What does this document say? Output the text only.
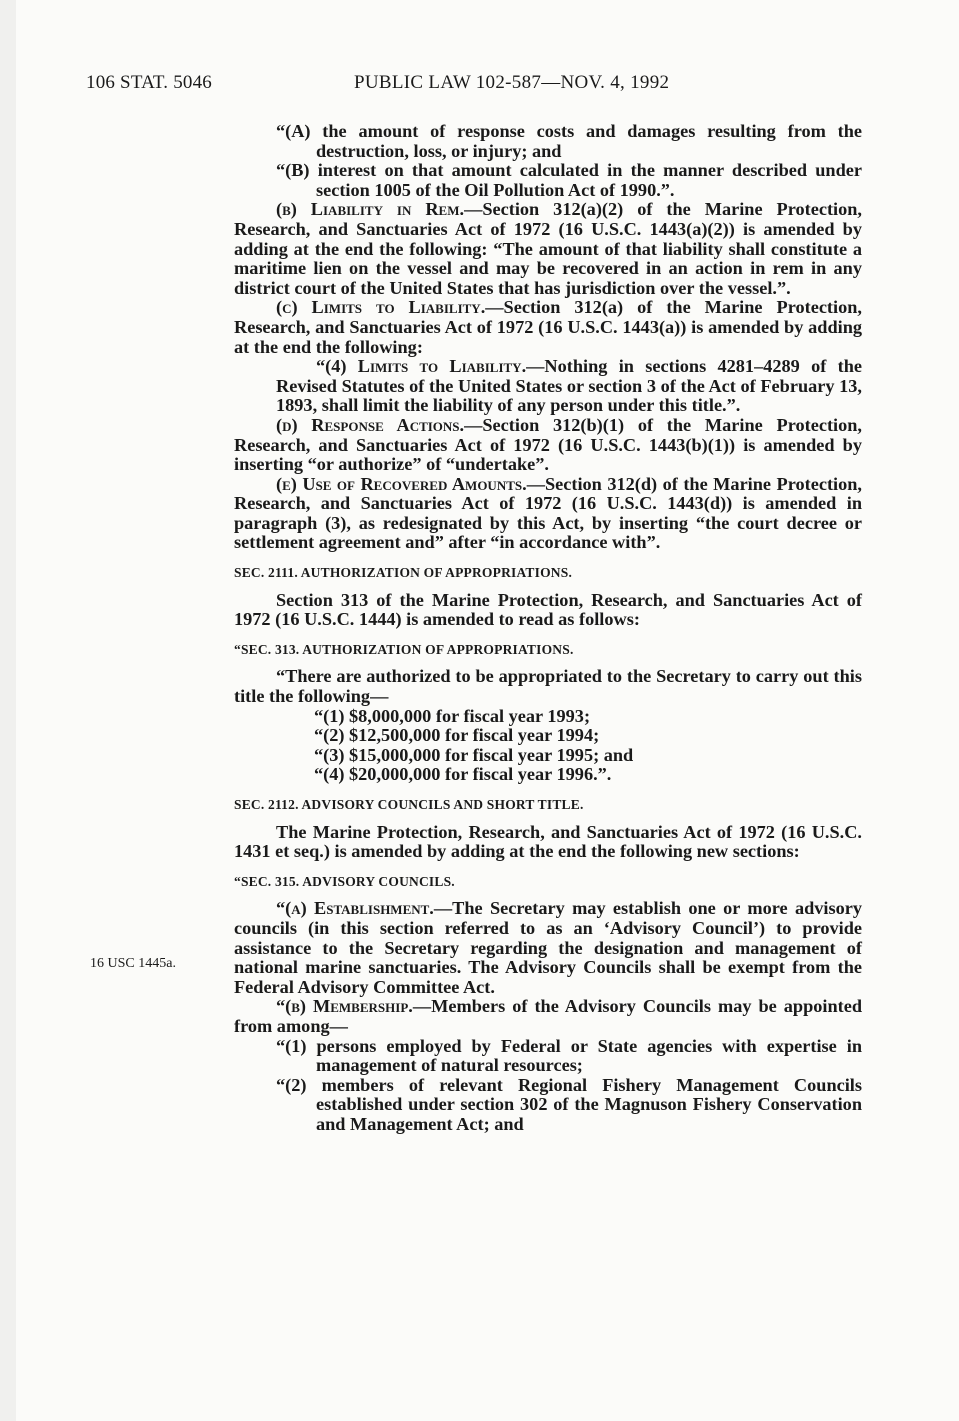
106 STAT. 5046	PUBLIC LAW 102-587—NOV. 4, 1992
16 USC 1445a.

“(A) the amount of response costs and damages resulting from the destruction, loss, or injury; and

“(B) interest on that amount calculated in the manner described under section 1005 of the Oil Pollution Act of 1990.”.

(b) Liability in Rem.—Section 312(a)(2) of the Marine Protection, Research, and Sanctuaries Act of 1972 (16 U.S.C. 1443(a)(2)) is amended by adding at the end the following: “The amount of that liability shall constitute a maritime lien on the vessel and may be recovered in an action in rem in any district court of the United States that has jurisdiction over the vessel.”.

(c) Limits to Liability.—Section 312(a) of the Marine Protection, Research, and Sanctuaries Act of 1972 (16 U.S.C. 1443(a)) is amended by adding at the end the following:

“(4) Limits to Liability.—Nothing in sections 4281–4289 of the Revised Statutes of the United States or section 3 of the Act of February 13, 1893, shall limit the liability of any person under this title.”.

(d) Response Actions.—Section 312(b)(1) of the Marine Protection, Research, and Sanctuaries Act of 1972 (16 U.S.C. 1443(b)(1)) is amended by inserting “or authorize” of “undertake”.

(e) Use of Recovered Amounts.—Section 312(d) of the Marine Protection, Research, and Sanctuaries Act of 1972 (16 U.S.C. 1443(d)) is amended in paragraph (3), as redesignated by this Act, by inserting “the court decree or settlement agreement and” after “in accordance with”.

SEC. 2111. AUTHORIZATION OF APPROPRIATIONS.

Section 313 of the Marine Protection, Research, and Sanctuaries Act of 1972 (16 U.S.C. 1444) is amended to read as follows:

“SEC. 313. AUTHORIZATION OF APPROPRIATIONS.

“There are authorized to be appropriated to the Secretary to carry out this title the following—

“(1) $8,000,000 for fiscal year 1993;

“(2) $12,500,000 for fiscal year 1994;

“(3) $15,000,000 for fiscal year 1995; and

“(4) $20,000,000 for fiscal year 1996.”.

SEC. 2112. ADVISORY COUNCILS AND SHORT TITLE.

The Marine Protection, Research, and Sanctuaries Act of 1972 (16 U.S.C. 1431 et seq.) is amended by adding at the end the following new sections:

“SEC. 315. ADVISORY COUNCILS.

“(a) Establishment.—The Secretary may establish one or more advisory councils (in this section referred to as an ‘Advisory Council’) to provide assistance to the Secretary regarding the designation and management of national marine sanctuaries. The Advisory Councils shall be exempt from the Federal Advisory Committee Act.

“(b) Membership.—Members of the Advisory Councils may be appointed from among—

“(1) persons employed by Federal or State agencies with expertise in management of natural resources;

“(2) members of relevant Regional Fishery Management Councils established under section 302 of the Magnuson Fishery Conservation and Management Act; and
